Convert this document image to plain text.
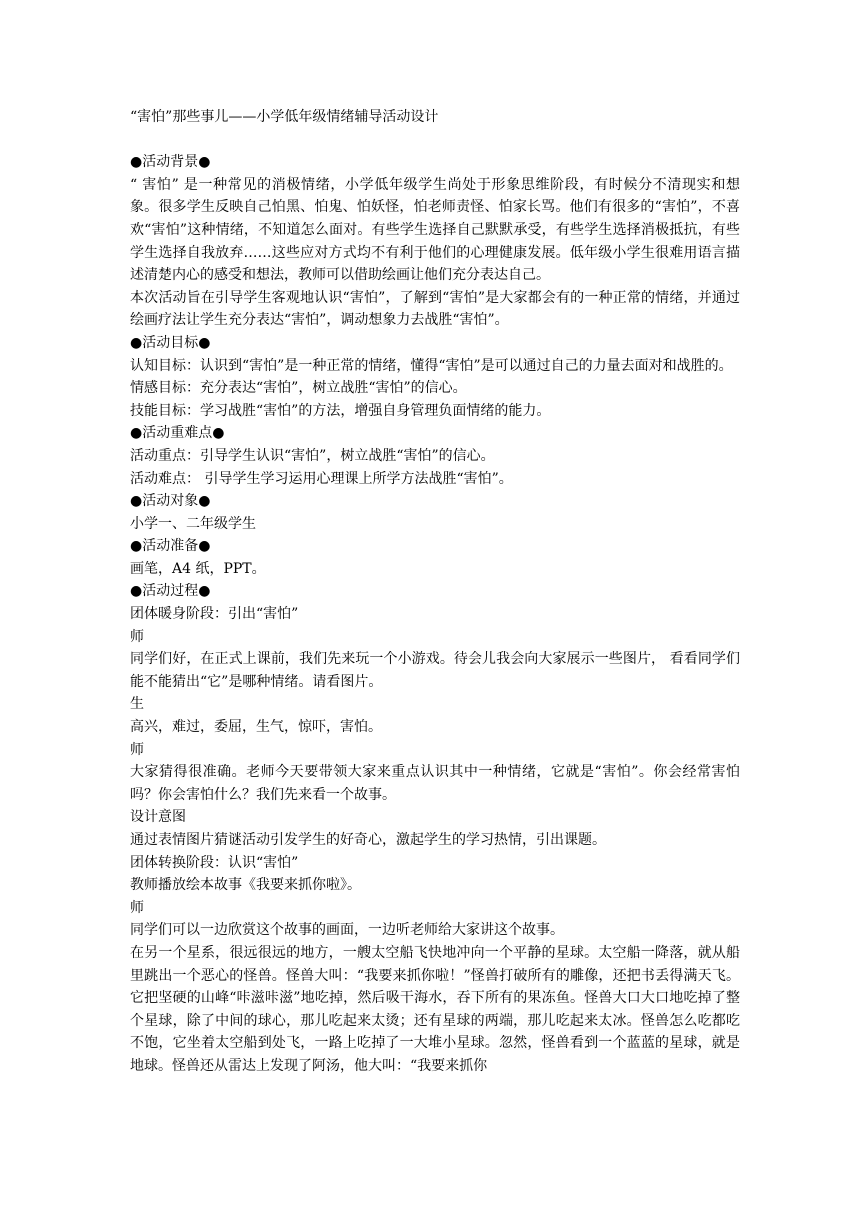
“害怕”那些事儿——小学低年级情绪辅导活动设计

●活动背景●

“ 害怕” 是一种常见的消极情绪，小学低年级学生尚处于形象思维阶段，有时候分不清现实和想象。很多学生反映自己怕黑、怕鬼、怕妖怪，怕老师责怪、怕家长骂。他们有很多的“害怕”，不喜欢“害怕”这种情绪，不知道怎么面对。有些学生选择自己默默承受，有些学生选择消极抵抗，有些学生选择自我放弃……这些应对方式均不有利于他们的心理健康发展。低年级小学生很难用语言描述清楚内心的感受和想法，教师可以借助绘画让他们充分表达自己。

本次活动旨在引导学生客观地认识“害怕”，了解到“害怕”是大家都会有的一种正常的情绪，并通过绘画疗法让学生充分表达“害怕”，调动想象力去战胜“害怕”。

●活动目标●

认知目标：认识到“害怕”是一种正常的情绪，懂得“害怕”是可以通过自己的力量去面对和战胜的。

情感目标：充分表达“害怕”，树立战胜“害怕”的信心。

技能目标：学习战胜“害怕”的方法，增强自身管理负面情绪的能力。

●活动重难点●

活动重点：引导学生认识“害怕”，树立战胜“害怕”的信心。

活动难点： 引导学生学习运用心理课上所学方法战胜“害怕”。

●活动对象●

小学一、二年级学生

●活动准备●

画笔，A4 纸，PPT。

●活动过程●

团体暖身阶段：引出“害怕”

师

同学们好，在正式上课前，我们先来玩一个小游戏。待会儿我会向大家展示一些图片， 看看同学们能不能猜出“它”是哪种情绪。请看图片。

生

高兴，难过，委屈，生气，惊吓，害怕。

师

大家猜得很准确。老师今天要带领大家来重点认识其中一种情绪，它就是“害怕”。你会经常害怕吗？你会害怕什么？我们先来看一个故事。

设计意图

通过表情图片猜谜活动引发学生的好奇心，激起学生的学习热情，引出课题。

团体转换阶段：认识“害怕”

教师播放绘本故事《我要来抓你啦》。

师

同学们可以一边欣赏这个故事的画面，一边听老师给大家讲这个故事。

在另一个星系，很远很远的地方，一艘太空船飞快地冲向一个平静的星球。太空船一降落，就从船里跳出一个恶心的怪兽。怪兽大叫：“我要来抓你啦！”怪兽打破所有的雕像，还把书丢得满天飞。它把坚硬的山峰“咔滋咔滋”地吃掉，然后吸干海水，吞下所有的果冻鱼。怪兽大口大口地吃掉了整个星球，除了中间的球心，那儿吃起来太烫；还有星球的两端，那儿吃起来太冰。怪兽怎么吃都吃不饱，它坐着太空船到处飞，一路上吃掉了一大堆小星球。忽然，怪兽看到一个蓝蓝的星球，就是地球。怪兽还从雷达上发现了阿汤，他大叫：“我要来抓你
